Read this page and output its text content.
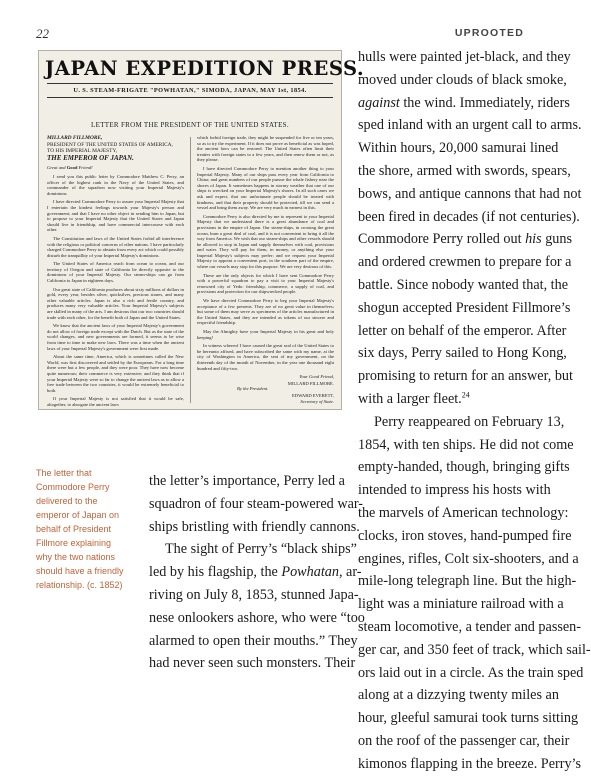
22	UPROOTED
JAPAN EXPEDITION PRESS.
U. S. STEAM-FRIGATE "POWHATAN," SIMODA, JAPAN, MAY 1st, 1854.
LETTER FROM THE PRESIDENT OF THE UNITED STATES.

MILLARD FILLMORE,
PRESIDENT OF THE UNITED STATES OF AMERICA,
TO HIS IMPERIAL MAJESTY,
THE EMPEROR OF JAPAN.

Great and Good Friend!

I send you this public letter by Commodore Matthew C. Perry, an officer of the highest rank in the Navy of the United States, and commander of the squadron now visiting your Imperial Majesty's dominions.

I have directed Commodore Perry to assure your Imperial Majesty that I entertain the kindest feelings towards your Majesty's person and government; and that I have no other object in sending him to Japan, but to propose to your Imperial Majesty that the United States and Japan should live in friendship, and have commercial intercourse with each other.

The Constitution and laws of the United States forbid all interference with the religious or political concerns of other nations. I have particularly charged Commodore Perry to abstain from every act which could possibly disturb the tranquillity of your Imperial Majesty's dominions.

The United States of America reach from ocean to ocean, and our territory of Oregon and state of California lie directly opposite to the dominions of your Imperial Majesty. Our steam-ships can go from California to Japan in eighteen days.

Our great state of California produces about sixty millions of dollars in gold, every year, besides silver, quicksilver, precious stones, and many other valuable articles. Japan is also a rich and fertile country, and produces many very valuable articles. Your Imperial Majesty's subjects are skilled in many of the arts. I am desirous that our two countries should trade with each other, for the benefit both of Japan and the United States.

We know that the ancient laws of your Imperial Majesty's government do not allow of foreign trade except with the Dutch. But as the state of the world changes, and new governments are formed, it seems to be wise from time to time to make new laws. There was a time when the ancient laws of your Imperial Majesty's government were first made.

About the same time, America, which is sometimes called the New World, was first discovered and settled by the Europeans. For a long time there were but a few people, and they were poor. They have now become quite numerous; their commerce is very extensive; and they think that if your Imperial Majesty were so far to change the ancient laws as to allow a free trade between the two countries, it would be extremely beneficial to both.

If your Imperial Majesty is not satisfied that it would be safe, altogether, to abrogate the ancient laws

which forbid foreign trade, they might be suspended for five or ten years, so as to try the experiment. If it does not prove as beneficial as was hoped, the ancient laws can be restored. The United States often limit their treaties with foreign states to a few years, and then renew them or not, as they please.

I have directed Commodore Perry to mention another thing to your Imperial Majesty. Many of our ships pass every year from California to China; and great numbers of our people pursue the whale fishery near the shores of Japan. It sometimes happens in stormy weather that one of our ships is wrecked on your Imperial Majesty's shores. In all such cases we ask and expect, that our unfortunate people should be treated with kindness, and that their property should be protected, till we can send a vessel and bring them away. We are very much in earnest in this.

Commodore Perry is also directed by me to represent to your Imperial Majesty that we understand there is a great abundance of coal and provisions in the empire of Japan. Our steam-ships, in crossing the great ocean, burn a great deal of coal, and it is not convenient to bring it all the way from America. We wish that our steam-ships and other vessels should be allowed to stop in Japan and supply themselves with coal, provisions and water. They will pay for them, in money, or anything else your Imperial Majesty's subjects may prefer; and we request your Imperial Majesty to appoint a convenient port, in the southern part of the empire, where our vessels may stop for this purpose. We are very desirous of this.

These are the only objects for which I have sent Commodore Perry with a powerful squadron to pay a visit to your Imperial Majesty's renowned city of Yedo: friendship, commerce, a supply of coal, and provisions and protection for our shipwrecked people.

We have directed Commodore Perry to beg your Imperial Majesty's acceptance of a few presents. They are of no great value in themselves; but some of them may serve as specimens of the articles manufactured in the United States, and they are intended as tokens of our sincere and respectful friendship.

May the Almighty have your Imperial Majesty in his great and holy keeping!

In witness whereof I have caused the great seal of the United States to be hereunto affixed, and have subscribed the same with my name, at the city of Washington in America, the seat of my government, on the thirteenth day of the month of November, in the year one thousand eight hundred and fifty-two.

Your Good Friend,

MILLARD FILLMORE.

By the President.

EDWARD EVERETT,

Secretary of State.

The letter that Commodore Perry delivered to the emperor of Japan on behalf of President Fillmore explaining why the two nations should have a friendly relationship. (c. 1852)
the letter’s importance, Perry led a
squadron of four steam-powered war-
ships bristling with friendly cannons.
The sight of Perry’s “black ships”
led by his flagship, the Powhatan, ar-
riving on July 8, 1853, stunned Japa-
nese onlookers ashore, who were “too
alarmed to open their mouths.” They
had never seen such monsters. Their
hulls were painted jet-black, and they
moved under clouds of black smoke,
against the wind. Immediately, riders
sped inland with an urgent call to arms.
Within hours, 20,000 samurai lined
the shore, armed with swords, spears,
bows, and antique cannons that had not
been fired in decades (if not centuries).
Commodore Perry rolled out his guns
and ordered crewmen to prepare for a
battle. Since nobody wanted that, the
shogun accepted President Fillmore’s
letter on behalf of the emperor. After
six days, Perry sailed to Hong Kong,
promising to return for an answer, but
with a larger fleet.$^{24}$
Perry reappeared on February 13,
1854, with ten ships. He did not come
empty-handed, though, bringing gifts
intended to impress his hosts with
the marvels of American technology:
clocks, iron stoves, hand-pumped fire
engines, rifles, Colt six-shooters, and a
mile-long telegraph line. But the high-
light was a miniature railroad with a
steam locomotive, a tender and passen-
ger car, and 350 feet of track, which sail-
ors laid out in a circle. As the train sped
along at a dizzying twenty miles an
hour, gleeful samurai took turns sitting
on the roof of the passenger car, their
kimonos flapping in the breeze. Perry’s
